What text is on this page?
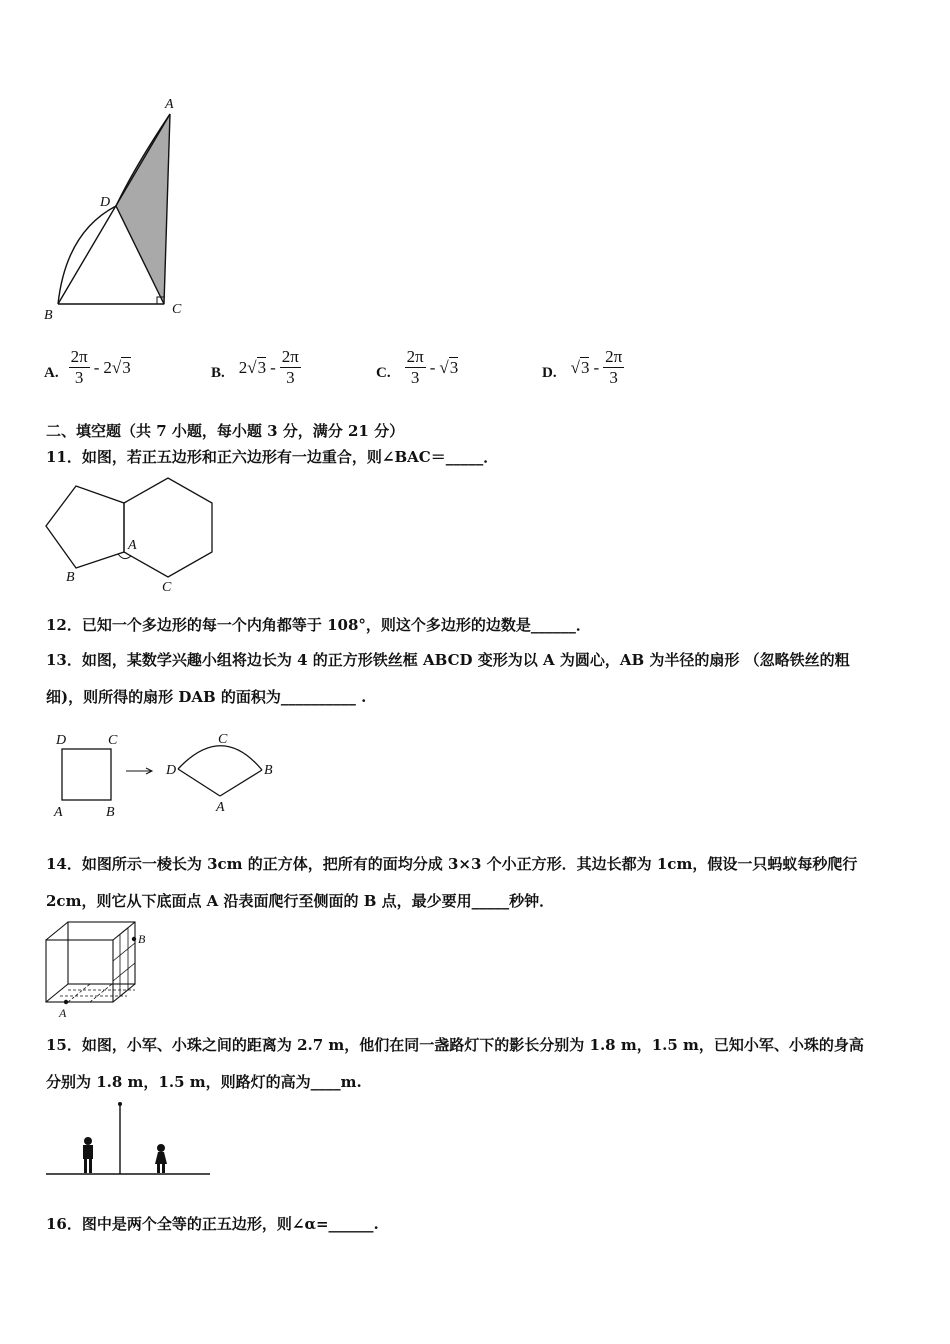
A
D
B	C
A. $\frac{2\pi}{3} - 2$ √ 3	B. 2 √ $3 - \frac{2\pi}{3}$	C. $\frac{2\pi}{3}$ - √ 3	D. √ $3 - \frac{2\pi}{3}$
二、填空题（共 7 小题，每小题 3 分，满分 21 分）
11．如图，若正五边形和正六边形有一边重合，则∠BAC＝_____．
A
B
C
12．已知一个多边形的每一个内角都等于 108°，则这个多边形的边数是______．
13．如图，某数学兴趣小组将边长为 4 的正方形铁丝框 ABCD 变形为以 A 为圆心，AB 为半径的扇形 （忽略铁丝的粗
细)，则所得的扇形 DAB 的面积为__________ .
D	C
A	B
C
D	B
A
14．如图所示一棱长为 3cm 的正方体，把所有的面均分成 3×3 个小正方形．其边长都为 1cm，假设一只蚂蚁每秒爬行
2cm，则它从下底面点 A 沿表面爬行至侧面的 B 点，最少要用_____秒钟．
A
B
15．如图，小军、小珠之间的距离为 2.7 m，他们在同一盏路灯下的影长分别为 1.8 m，1.5 m，已知小军、小珠的身高
分别为 1.8 m，1.5 m，则路灯的高为____m.
16．图中是两个全等的正五边形，则∠α=______.
